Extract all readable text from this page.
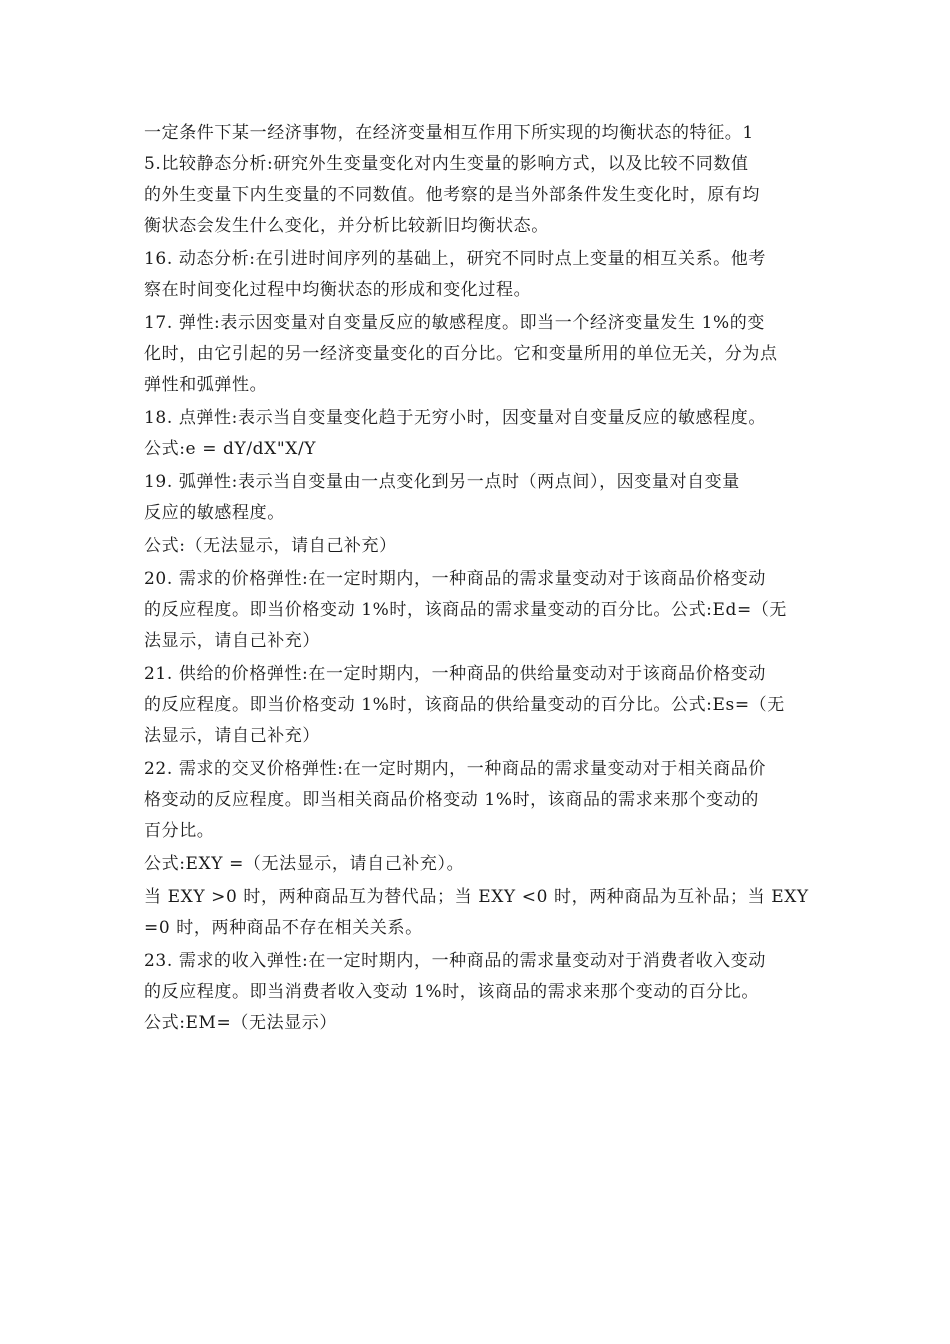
一定条件下某一经济事物，在经济变量相互作用下所实现的均衡状态的特征。1
5.比较静态分析:研究外生变量变化对内生变量的影响方式，以及比较不同数值
的外生变量下内生变量的不同数值。他考察的是当外部条件发生变化时，原有均
衡状态会发生什么变化，并分析比较新旧均衡状态。
16. 动态分析:在引进时间序列的基础上，研究不同时点上变量的相互关系。他考
察在时间变化过程中均衡状态的形成和变化过程。
17. 弹性:表示因变量对自变量反应的敏感程度。即当一个经济变量发生 1%的变
化时，由它引起的另一经济变量变化的百分比。它和变量所用的单位无关，分为点
弹性和弧弹性。
18. 点弹性:表示当自变量变化趋于无穷小时，因变量对自变量反应的敏感程度。
公式:e = dY/dX"X/Y
19. 弧弹性:表示当自变量由一点变化到另一点时（两点间），因变量对自变量
反应的敏感程度。
公式:（无法显示，请自己补充）
20. 需求的价格弹性:在一定时期内，一种商品的需求量变动对于该商品价格变动
的反应程度。即当价格变动 1%时，该商品的需求量变动的百分比。公式:Ed=（无
法显示，请自己补充）
21. 供给的价格弹性:在一定时期内，一种商品的供给量变动对于该商品价格变动
的反应程度。即当价格变动 1%时，该商品的供给量变动的百分比。公式:Es=（无
法显示，请自己补充）
22. 需求的交叉价格弹性:在一定时期内，一种商品的需求量变动对于相关商品价
格变动的反应程度。即当相关商品价格变动 1%时，该商品的需求来那个变动的
百分比。
公式:EXY =（无法显示，请自己补充）。
当 EXY >0 时，两种商品互为替代品；当 EXY <0 时，两种商品为互补品；当 EXY
=0 时，两种商品不存在相关关系。
23. 需求的收入弹性:在一定时期内，一种商品的需求量变动对于消费者收入变动
的反应程度。即当消费者收入变动 1%时，该商品的需求来那个变动的百分比。
公式:EM=（无法显示）
